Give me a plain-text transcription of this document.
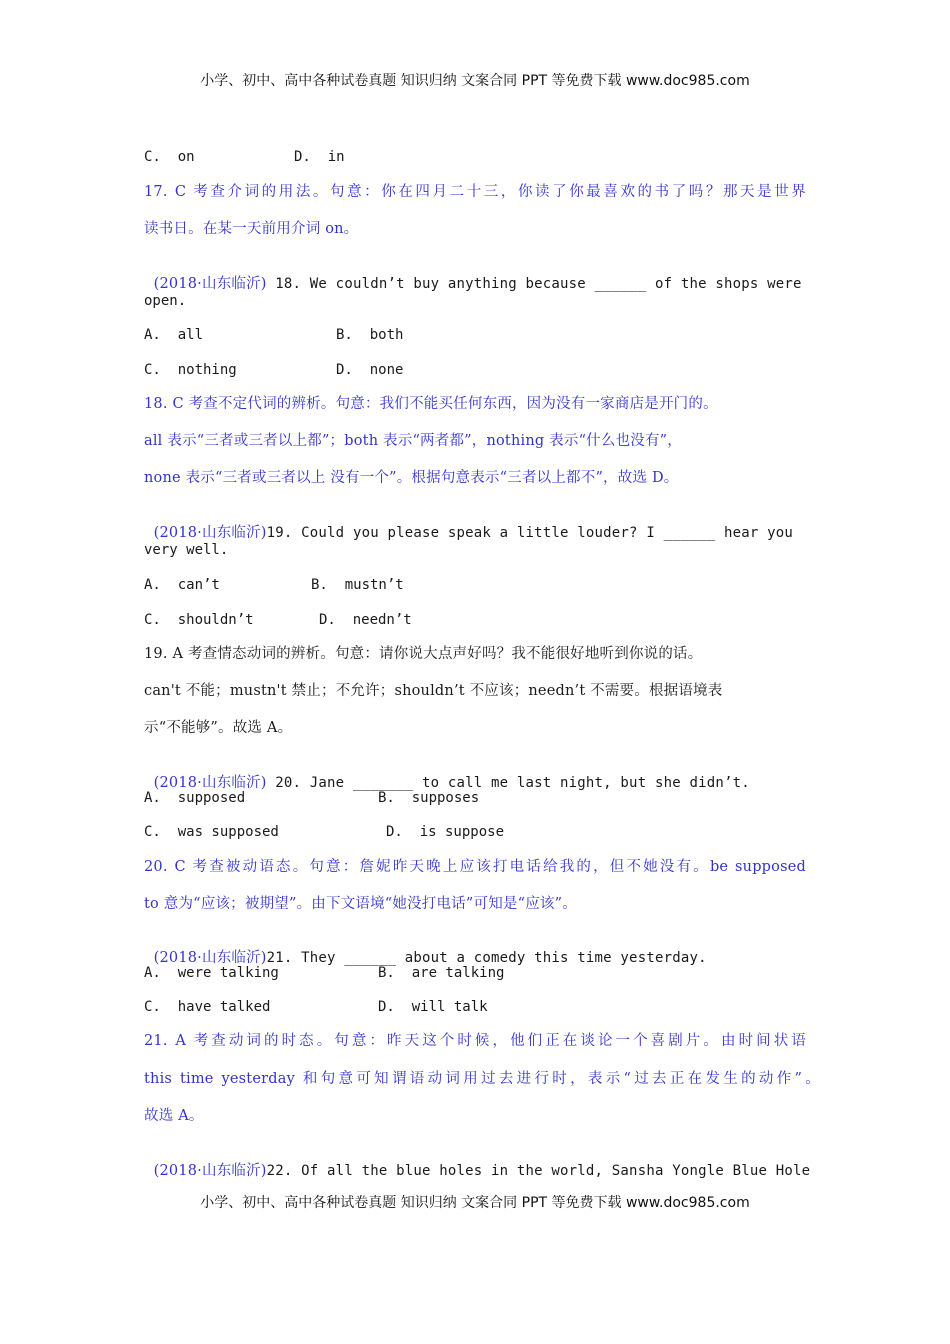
小学、初中、高中各种试卷真题 知识归纳 文案合同 PPT 等免费下载 www.doc985.com
C.  on	D.  in
17. C 考查介词的用法。句意：你在四月二十三，你读了你最喜欢的书了吗？那天是世界
读书日。在某一天前用介词 on。

(2018·山东临沂) 18. We couldn’t buy anything because ______ of the shops were

open.
A.  all	B.  both
C.  nothing	D.  none
18. C 考查不定代词的辨析。句意：我们不能买任何东西，因为没有一家商店是开门的。
all 表示“三者或三者以上都”；both 表示“两者都”，nothing 表示“什么也没有”，
none 表示“三者或三者以上 没有一个”。根据句意表示“三者以上都不”，故选 D。

(2018·山东临沂)19. Could you please speak a little louder? I ______ hear you

very well.
A.  can’t	B.  mustn’t
C.  shouldn’t	D.  needn’t
19. A 考查情态动词的辨析。句意：请你说大点声好吗？我不能很好地听到你说的话。
can't 不能；mustn't 禁止；不允许；shouldn’t 不应该；needn’t 不需要。根据语境表
示“不能够”。故选 A。

(2018·山东临沂) 20. Jane _______ to call me last night, but she didn’t.

A.  supposed	B.  supposes
C.  was supposed	D.  is suppose
20. C 考查被动语态。句意：詹妮昨天晚上应该打电话给我的，但不她没有。be supposed
to 意为“应该；被期望”。由下文语境“她没打电话”可知是“应该”。

(2018·山东临沂)21. They ______ about a comedy this time yesterday.

A.  were talking	B.  are talking
C.  have talked	D.  will talk
21. A 考查动词的时态。句意：昨天这个时候，他们正在谈论一个喜剧片。由时间状语
this time yesterday 和句意可知谓语动词用过去进行时，表示“过去正在发生的动作”。
故选 A。

(2018·山东临沂)22. Of all the blue holes in the world, Sansha Yongle Blue Hole

小学、初中、高中各种试卷真题 知识归纳 文案合同 PPT 等免费下载 www.doc985.com
